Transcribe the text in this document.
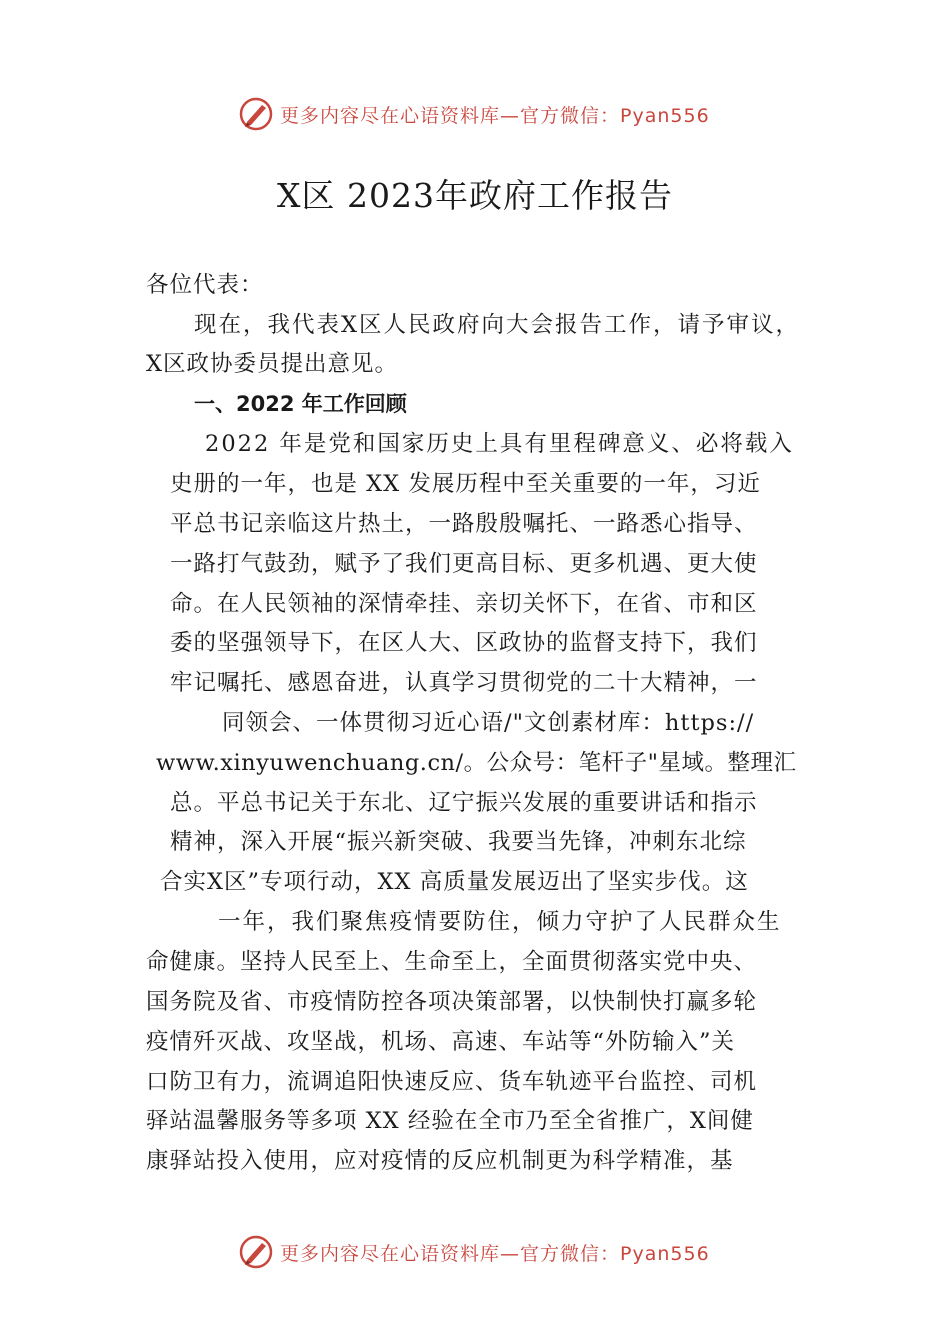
更多内容尽在心语资料库—官方微信：Pyan556
X区 2023年政府工作报告
各位代表：
现在，我代表X区人民政府向大会报告工作，请予审议，
X区政协委员提出意见。
一、2022 年工作回顾
2022 年是党和国家历史上具有里程碑意义、必将载入
史册的一年，也是 XX 发展历程中至关重要的一年，习近
平总书记亲临这片热土，一路殷殷嘱托、一路悉心指导、
一路打气鼓劲，赋予了我们更高目标、更多机遇、更大使
命。在人民领袖的深情牵挂、亲切关怀下，在省、市和区
委的坚强领导下，在区人大、区政协的监督支持下，我们
牢记嘱托、感恩奋进，认真学习贯彻党的二十大精神，一
同领会、一体贯彻习近心语/"文创素材库：https://
www.xinyuwenchuang.cn/。公众号：笔杆子"星域。整理汇
总。平总书记关于东北、辽宁振兴发展的重要讲话和指示
精神，深入开展“振兴新突破、我要当先锋，冲刺东北综
合实X区”专项行动，XX 高质量发展迈出了坚实步伐。这
一年，我们聚焦疫情要防住，倾力守护了人民群众生
命健康。坚持人民至上、生命至上，全面贯彻落实党中央、
国务院及省、市疫情防控各项决策部署，以快制快打赢多轮
疫情歼灭战、攻坚战，机场、高速、车站等“外防输入”关
口防卫有力，流调追阳快速反应、货车轨迹平台监控、司机
驿站温馨服务等多项 XX 经验在全市乃至全省推广，X间健
康驿站投入使用，应对疫情的反应机制更为科学精准，基
更多内容尽在心语资料库—官方微信：Pyan556
